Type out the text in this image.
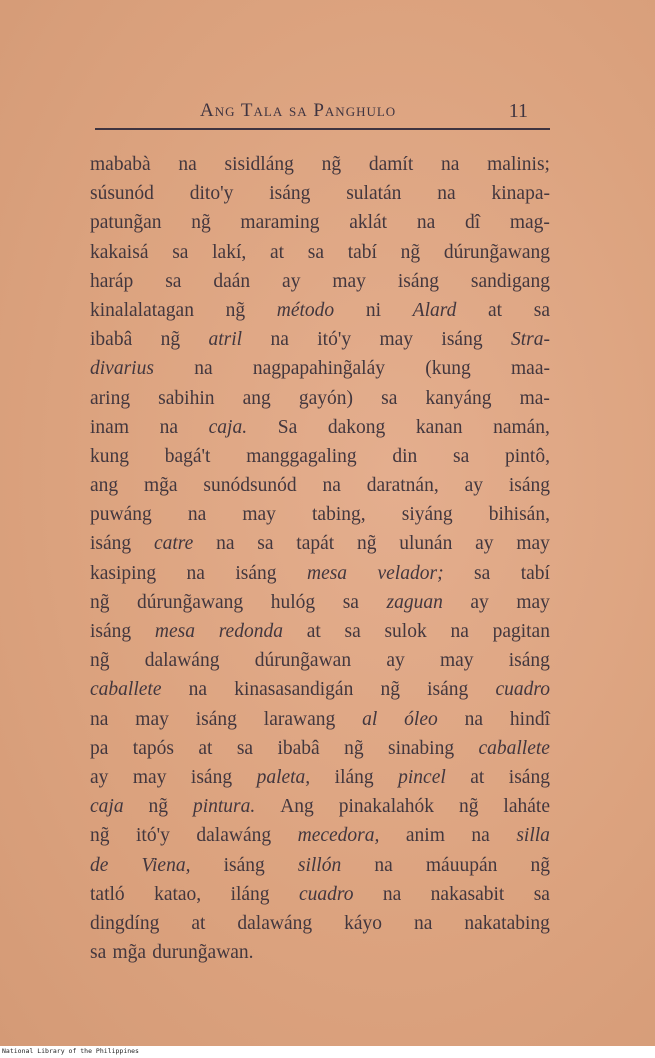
Ang Tala sa Panghulo	11
mababà na sisidláng ng̃ damít na malinis;
súsunód dito'y isáng sulatán na kinapa-
patung̃an ng̃ maraming aklát na dî mag-
kakaisá sa lakí, at sa tabí ng̃ dúrung̃awang
haráp sa daán ay may isáng sandigang
kinalalatagan ng̃ método ni Alard at sa
ibabâ ng̃ atril na itó'y may isáng Stra-
divarius na nagpapahing̃aláy (kung maa-
aring sabihin ang gayón) sa kanyáng ma-
inam na caja. Sa dakong kanan namán,
kung bagá't manggagaling din sa pintô,
ang mg̃a sunódsunód na daratnán, ay isáng
puwáng na may tabing, siyáng bihisán,
isáng catre na sa tapát ng̃ ulunán ay may
kasiping na isáng mesa velador; sa tabí
ng̃ dúrung̃awang hulóg sa zaguan ay may
isáng mesa redonda at sa sulok na pagitan
ng̃ dalawáng dúrung̃awan ay may isáng
caballete na kinasasandigán ng̃ isáng cuadro
na may isáng larawang al óleo na hindî
pa tapós at sa ibabâ ng̃ sinabing caballete
ay may isáng paleta, iláng pincel at isáng
caja ng̃ pintura. Ang pinakalahók ng̃ laháte
ng̃ itó'y dalawáng mecedora, anim na silla
de Viena, isáng sillón na máuupán ng̃
tatló katao, iláng cuadro na nakasabit sa
dingdíng at dalawáng káyo na nakatabing
sa mg̃a durung̃awan.
National Library of the Philippines
